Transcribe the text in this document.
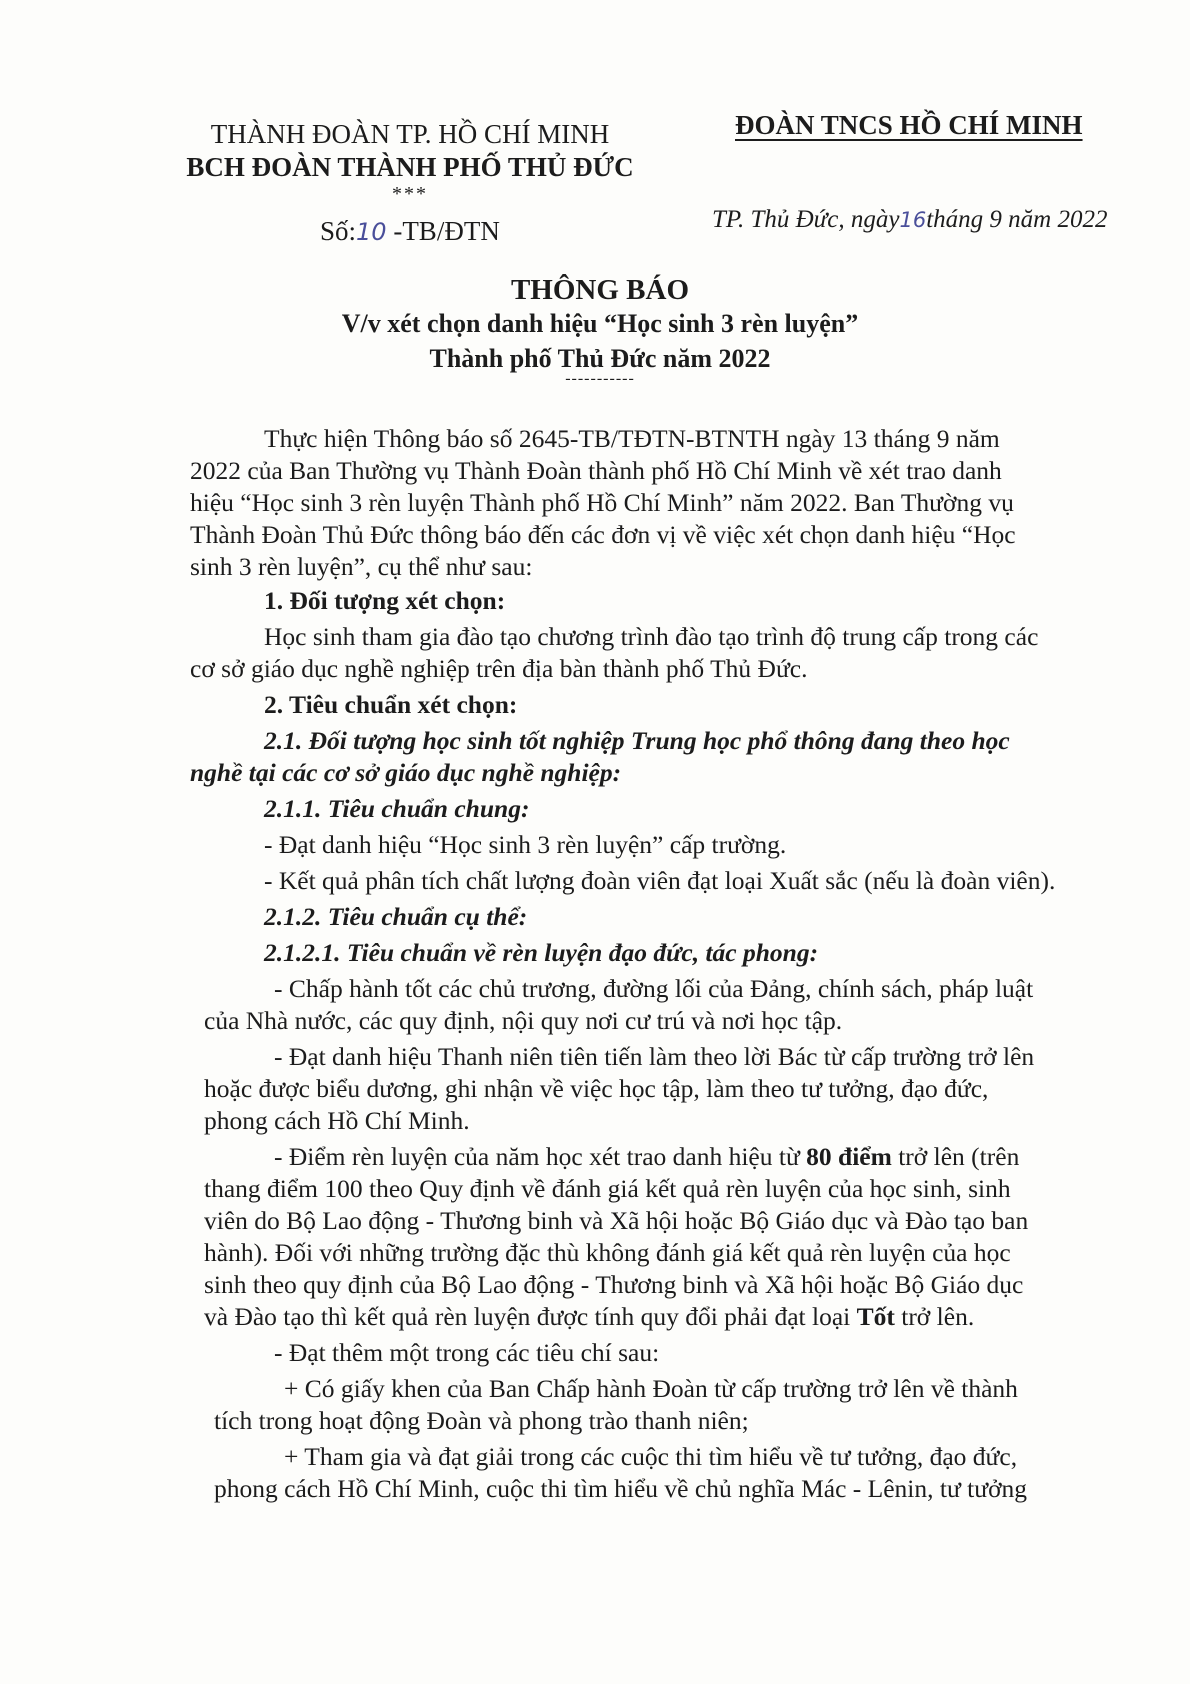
THÀNH ĐOÀN TP. HỒ CHÍ MINH
BCH ĐOÀN THÀNH PHỐ THỦ ĐỨC
***
ĐOÀN TNCS HỒ CHÍ MINH
Số:10 -TB/ĐTN	TP. Thủ Đức, ngày16tháng 9 năm 2022
THÔNG BÁO
V/v xét chọn danh hiệu “Học sinh 3 rèn luyện”
Thành phố Thủ Đức năm 2022
-----------
Thực hiện Thông báo số 2645-TB/TĐTN-BTNTH ngày 13 tháng 9 năm
2022 của Ban Thường vụ Thành Đoàn thành phố Hồ Chí Minh về xét trao danh
hiệu “Học sinh 3 rèn luyện Thành phố Hồ Chí Minh” năm 2022. Ban Thường vụ
Thành Đoàn Thủ Đức thông báo đến các đơn vị về việc xét chọn danh hiệu “Học
sinh 3 rèn luyện”, cụ thể như sau:
1. Đối tượng xét chọn:
Học sinh tham gia đào tạo chương trình đào tạo trình độ trung cấp trong các
cơ sở giáo dục nghề nghiệp trên địa bàn thành phố Thủ Đức.
2. Tiêu chuẩn xét chọn:
2.1. Đối tượng học sinh tốt nghiệp Trung học phổ thông đang theo học
nghề tại các cơ sở giáo dục nghề nghiệp:
2.1.1. Tiêu chuẩn chung:
- Đạt danh hiệu “Học sinh 3 rèn luyện” cấp trường.
- Kết quả phân tích chất lượng đoàn viên đạt loại Xuất sắc (nếu là đoàn viên).
2.1.2. Tiêu chuẩn cụ thể:
2.1.2.1. Tiêu chuẩn về rèn luyện đạo đức, tác phong:
- Chấp hành tốt các chủ trương, đường lối của Đảng, chính sách, pháp luật
của Nhà nước, các quy định, nội quy nơi cư trú và nơi học tập.
- Đạt danh hiệu Thanh niên tiên tiến làm theo lời Bác từ cấp trường trở lên
hoặc được biểu dương, ghi nhận về việc học tập, làm theo tư tưởng, đạo đức,
phong cách Hồ Chí Minh.
- Điểm rèn luyện của năm học xét trao danh hiệu từ 80 điểm trở lên (trên
thang điểm 100 theo Quy định về đánh giá kết quả rèn luyện của học sinh, sinh
viên do Bộ Lao động - Thương binh và Xã hội hoặc Bộ Giáo dục và Đào tạo ban
hành). Đối với những trường đặc thù không đánh giá kết quả rèn luyện của học
sinh theo quy định của Bộ Lao động - Thương binh và Xã hội hoặc Bộ Giáo dục
và Đào tạo thì kết quả rèn luyện được tính quy đổi phải đạt loại Tốt trở lên.
- Đạt thêm một trong các tiêu chí sau:
+ Có giấy khen của Ban Chấp hành Đoàn từ cấp trường trở lên về thành
tích trong hoạt động Đoàn và phong trào thanh niên;
+ Tham gia và đạt giải trong các cuộc thi tìm hiểu về tư tưởng, đạo đức,
phong cách Hồ Chí Minh, cuộc thi tìm hiểu về chủ nghĩa Mác - Lênin, tư tưởng
